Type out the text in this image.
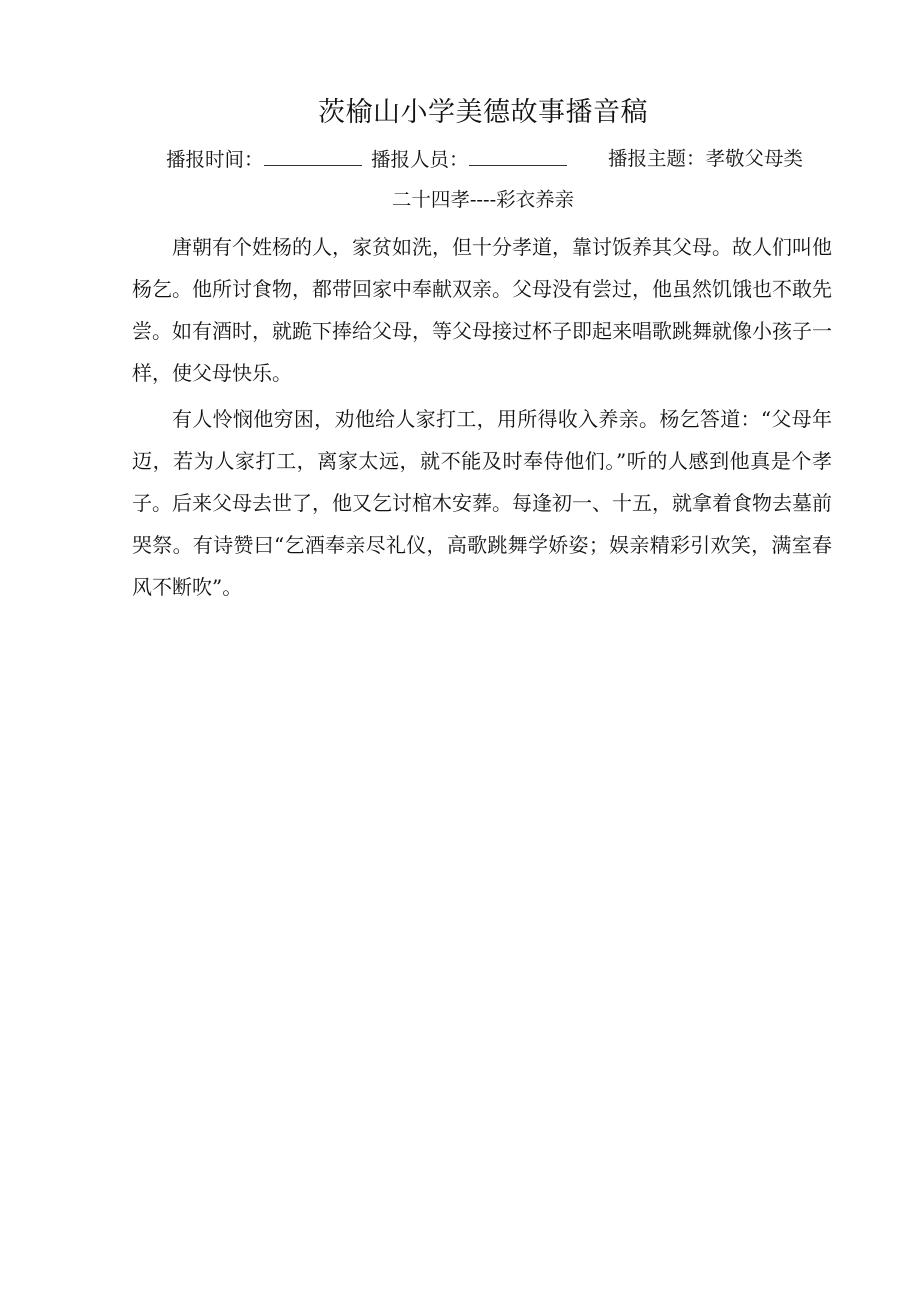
茨榆山小学美德故事播音稿
播报时间：	播报人员：	播报主题：孝敬父母类
二十四孝----彩衣养亲

唐朝有个姓杨的人，家贫如洗，但十分孝道，靠讨饭养其父母。故人们叫他杨乞。他所讨食物，都带回家中奉献双亲。父母没有尝过，他虽然饥饿也不敢先尝。如有酒时，就跪下捧给父母，等父母接过杯子即起来唱歌跳舞就像小孩子一样，使父母快乐。

有人怜悯他穷困，劝他给人家打工，用所得收入养亲。杨乞答道：“父母年迈，若为人家打工，离家太远，就不能及时奉侍他们。”听的人感到他真是个孝子。后来父母去世了，他又乞讨棺木安葬。每逢初一、十五，就拿着食物去墓前哭祭。有诗赞曰“乞酒奉亲尽礼仪，高歌跳舞学娇姿；娱亲精彩引欢笑，满室春风不断吹”。
